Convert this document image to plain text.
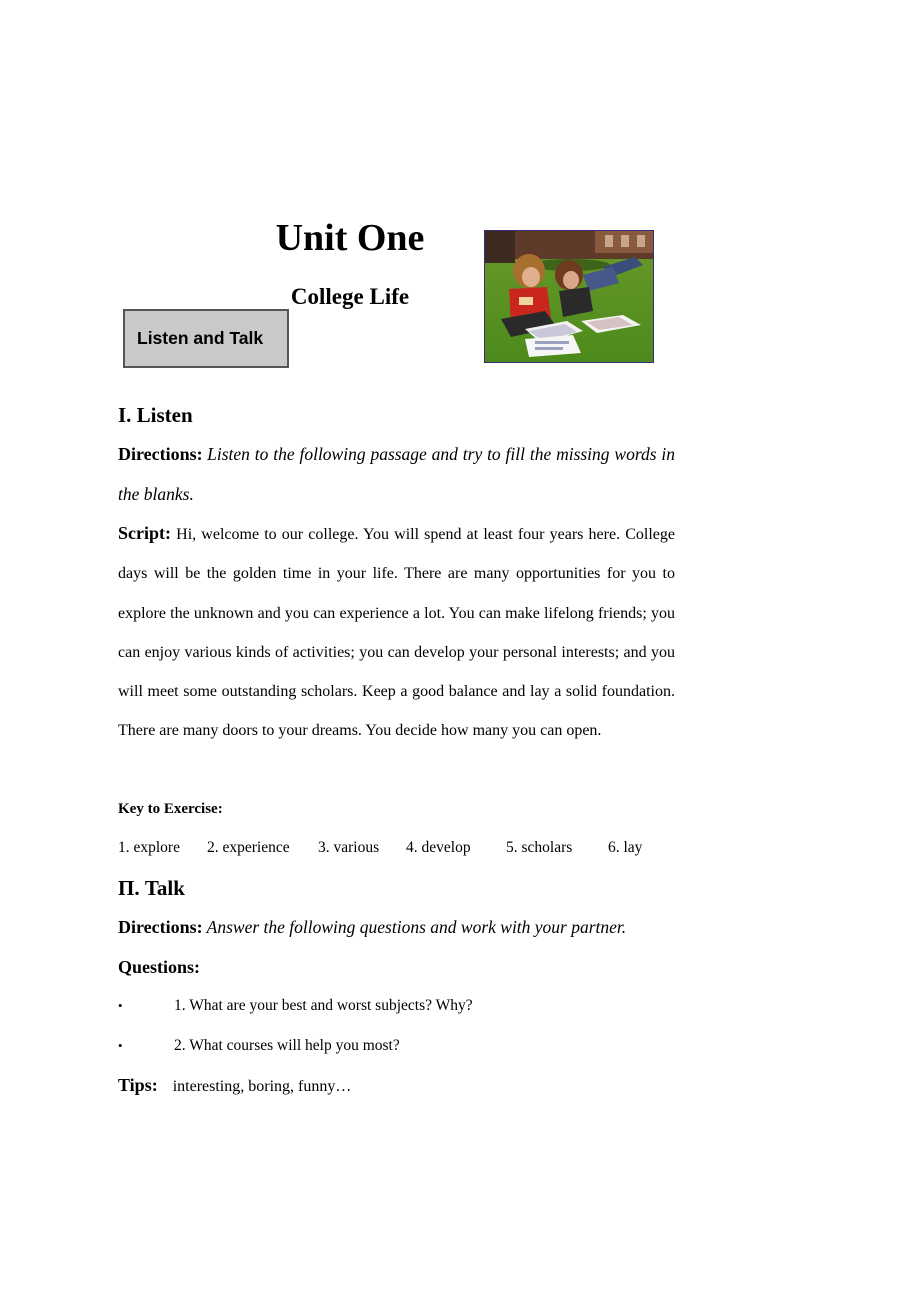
Unit One
College Life
Listen and Talk
I. Listen
Directions: Listen to the following passage and try to fill the missing words in the blanks.
Script: Hi, welcome to our college. You will spend at least four years here. College days will be the golden time in your life. There are many opportunities for you to explore the unknown and you can experience a lot. You can make lifelong friends; you can enjoy various kinds of activities; you can develop your personal interests; and you will meet some outstanding scholars. Keep a good balance and lay a solid foundation. There are many doors to your dreams. You decide how many you can open.
Key to Exercise:
1. explore 2. experience 3. various 4. develop 5. scholars 6. lay
П. Talk
Directions: Answer the following questions and work with your partner.
Questions:
•	1. What are your best and worst subjects? Why?
•	2. What courses will help you most?
Tips: interesting, boring, funny…
